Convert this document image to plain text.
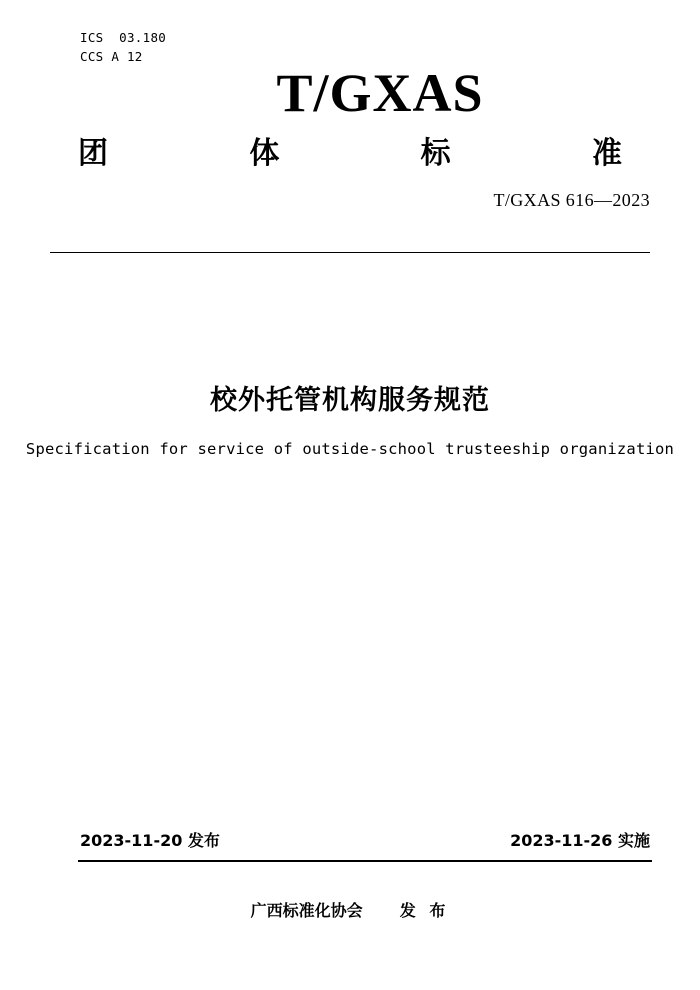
ICS 03.180
CCS A 12
T/GXAS
团	体	标	准
T/GXAS 616—2023
校外托管机构服务规范
Specification for service of outside-school trusteeship organization
2023-11-20 发布	2023-11-26 实施
广西标准化协会 发 布
